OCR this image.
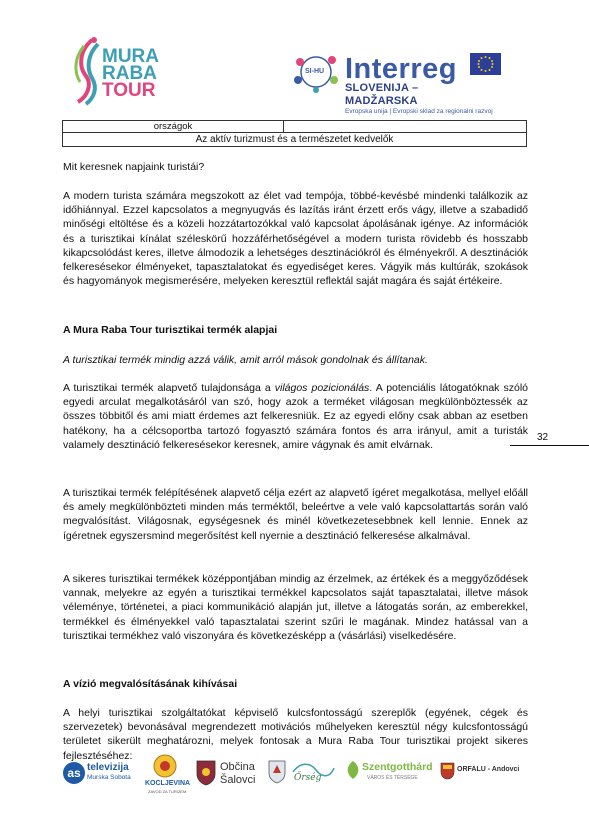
MURA
RABA
TOUR
SI-HU Interreg
SLOVENIJA – MADŽARSKA
Evropska unija | Evropski sklad za regionalni razvoj
országok	
Az aktív turizmust és a természetet kedvelők
Mit keresnek napjaink turistái?

A modern turista számára megszokott az élet vad tempója, többé-kevésbé mindenki találkozik az időhiánnyal. Ezzel kapcsolatos a megnyugvás és lazítás iránt érzett erős vágy, illetve a szabadidő minőségi eltöltése és a közeli hozzátartozókkal való kapcsolat ápolásának igénye. Az információk és a turisztikai kínálat széleskörű hozzáférhetőségével a modern turista rövidebb és hosszabb kikapcsolódást keres, illetve álmodozik a lehetséges desztinációkról és élményekről. A desztinációk felkeresésekor élményeket, tapasztalatokat és egyediséget keres. Vágyik más kultúrák, szokások és hagyományok megismerésére, melyeken keresztül reflektál saját magára és saját értékeire.

A Mura Raba Tour turisztikai termék alapjai
A turisztikai termék mindig azzá válik, amit arról mások gondolnak és állítanak.

A turisztikai termék alapvető tulajdonsága a világos pozicionálás. A potenciális látogatóknak szóló egyedi arculat megalkotásáról van szó, hogy azok a terméket világosan megkülönböztessék az összes többitől és ami miatt érdemes azt felkeresniük. Ez az egyedi előny csak abban az esetben hatékony, ha a célcsoportba tartozó fogyasztó számára fontos és arra irányul, amit a turisták valamely desztináció felkeresésekor keresnek, amire vágynak és amit elvárnak.

32

A turisztikai termék felépítésének alapvető célja ezért az alapvető ígéret megalkotása, mellyel előáll és amely megkülönbözteti minden más terméktől, beleértve a vele való kapcsolattartás során való megvalósítást. Világosnak, egységesnek és minél következetesebbnek kell lennie. Ennek az ígéretnek egyszersmind megerősítést kell nyernie a desztináció felkeresése alkalmával.

A sikeres turisztikai termékek középpontjában mindig az érzelmek, az értékek és a meggyőződések vannak, melyekre az egyén a turisztikai termékkel kapcsolatos saját tapasztalatai, illetve mások véleménye, történetei, a piaci kommunikáció alapján jut, illetve a látogatás során, az emberekkel, termékkel és élményekkel való tapasztalatai szerint szűri le magának. Mindez hatással van a turisztikai termékhez való viszonyára és következésképp a (vásárlási) viselkedésére.

A vízió megvalósításának kihívásai

A helyi turisztikai szolgáltatókat képviselő kulcsfontosságú szereplők (egyének, cégek és szervezetek) bevonásával megrendezett motivációs műhelyeken keresztül négy kulcsfontosságú területet sikerült meghatározni, melyek fontosak a Mura Raba Tour turisztikai projekt sikeres fejlesztéséhez:

as televizija
Murska Sobota
KOCLJEVINA
ZAVOD ZA TURIZEM
Občina
Šalovci	Őrség
Szentgotthárd
VÁROS ÉS TÉRSÉGE
ORFALU - Andovci
